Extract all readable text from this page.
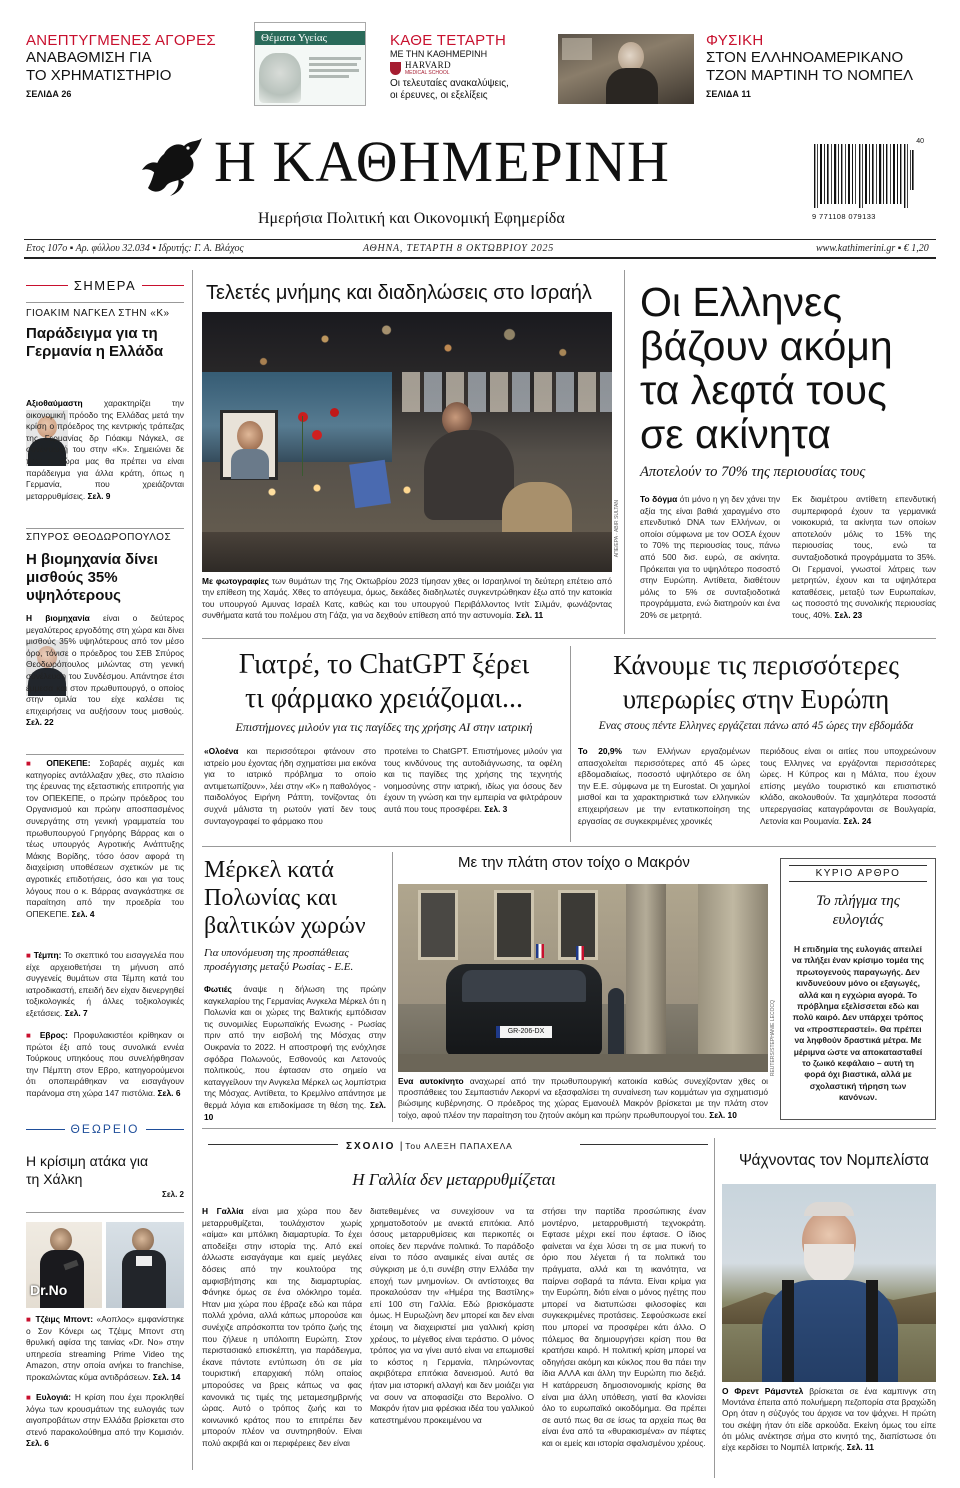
ΑΝΕΠΤΥΓΜΕΝΕΣ ΑΓΟΡΕΣ
ΑΝΑΒΑΘΜΙΣΗ ΓΙΑ
ΤΟ ΧΡΗΜΑΤΙΣΤΗΡΙΟ
ΣΕΛΙΔΑ 26
Θέματα Υγείας	ΚΑΘΕ ΤΕΤΑΡΤΗ
ΜΕ ΤΗΝ ΚΑΘΗΜΕΡΙΝΗ
HARVARD
MEDICAL SCHOOL
Οι τελευταίες ανακαλύψεις,
οι έρευνες, οι εξελίξεις
ΦΥΣΙΚΗ
ΣΤΟΝ ΕΛΛΗΝΟΑΜΕΡΙΚΑΝΟ
ΤΖΟΝ ΜΑΡΤΙΝΗ ΤΟ ΝΟΜΠΕΛ
ΣΕΛΙΔΑ 11
Η ΚΑΘΗΜΕΡΙΝΗ
Ημερήσια Πολιτική και Οικονομική Εφημερίδα
40
9 771108 079133
Ετος 107ο ▪ Αρ. φύλλου 32.034 ▪ Ιδρυτής: Γ. Α. Βλάχος	ΑΘΗΝΑ, ΤΕΤΑΡΤΗ 8 ΟΚΤΩΒΡΙΟΥ 2025	www.kathimerini.gr ▪ € 1,20
ΣΗΜΕΡΑ
ΓΙΟΑΚΙΜ ΝΑΓΚΕΛ ΣΤΗΝ «Κ»
Παράδειγμα για τη Γερμανία η Ελλάδα
Αξιοθαύμαστη χαρακτηρίζει την οικονομική πρόοδο της Ελλάδας μετά την κρίση ο πρόεδρος της κεντρικής τράπεζας της Γερμανίας δρ Γιόακιμ Νάγκελ, σε συνέντευξή του στην «Κ». Σημειώνει δε πως η χώρα μας θα πρέπει να είναι παράδειγμα για άλλα κράτη, όπως η Γερμανία, που χρειάζονται μεταρρυθμίσεις. Σελ. 9
ΣΠΥΡΟΣ ΘΕΟΔΩΡΟΠΟΥΛΟΣ
Η βιομηχανία δίνει μισθούς 35% υψηλότερους
Η βιομηχανία είναι ο δεύτερος μεγαλύτερος εργοδότης στη χώρα και δίνει μισθούς 35% υψηλότερους από τον μέσο όρο, τόνισε ο πρόεδρος του ΣΕΒ Σπύρος Θεοδωρόπουλος μιλώντας στη γενική συνέλευση του Συνδέσμου. Απάντησε έτσι έμμεσα και στον πρωθυπουργό, ο οποίος στην ομιλία του είχε καλέσει τις επιχειρήσεις να αυξήσουν τους μισθούς. Σελ. 22
■ ΟΠΕΚΕΠΕ: Σοβαρές αιχμές και κατηγορίες αντάλλαξαν χθες, στο πλαίσιο της έρευνας της εξεταστικής επιτροπής για τον ΟΠΕΚΕΠΕ, ο πρώην πρόεδρος του Οργανισμού και πρώην αποσπασμένος συνεργάτης στη γενική γραμματεία του πρωθυπουργού Γρηγόρης Βάρρας και ο τέως υπουργός Αγροτικής Ανάπτυξης Μάκης Βορίδης, τόσο όσον αφορά τη διαχείριση υποθέσεων σχετικών με τις αγροτικές επιδοτήσεις, όσο και για τους λόγους που ο κ. Βάρρας αναγκάστηκε σε παραίτηση από την προεδρία του ΟΠΕΚΕΠΕ. Σελ. 4
■ Τέμπη: Το σκεπτικό του εισαγγελέα που είχε αρχειοθετήσει τη μήνυση από συγγενείς θυμάτων στα Τέμπη κατά του ιατροδικαστή, επειδή δεν είχαν διενεργηθεί τοξικολογικές ή άλλες τοξικολογικές εξετάσεις. Σελ. 7
■ Εβρος: Προφυλακιστέοι κρίθηκαν οι πρώτοι έξι από τους συνολικά εννέα Τούρκους υπηκόους που συνελήφθησαν την Πέμπτη στον Εβρο, κατηγορούμενοι ότι οποπειράθηκαν να εισαγάγουν παράνομα στη χώρα 147 πιστόλια. Σελ. 6
ΘΕΩΡΕΙΟ
Η κρίσιμη ατάκα για τη Χάλκη
Σελ. 2
Dr.No
■ Τζέιμς Μποντ: «Αοπλος» εμφανίστηκε ο Σον Κόνερι ως Τζέιμς Μποντ στη θρυλική αφίσα της ταινίας «Dr. No» στην υπηρεσία streaming Prime Video της Amazon, στην οποία ανήκει το franchise, προκαλώντας κύμα αντιδράσεων. Σελ. 14
■ Ευλογιά: Η κρίση που έχει προκληθεί λόγω των κρουσμάτων της ευλογιάς των αιγοπροβάτων στην Ελλάδα βρίσκεται στο στενό παρακολούθημα από την Κομισιόν. Σελ. 6
Τελετές μνήμης και διαδηλώσεις στο Ισραήλ
ΑΠΕ/ΕΡΑ · ΑBIR SULTAN
Με φωτογραφίες των θυμάτων της 7ης Οκτωβρίου 2023 τίμησαν χθες οι Ισραηλινοί τη δεύτερη επέτειο από την επίθεση της Χαμάς. Χθες το απόγευμα, όμως, δεκάδες διαδηλωτές συγκεντρώθηκαν έξω από την κατοικία του υπουργού Αμυνας Ισραέλ Κατς, καθώς και του υπουργού Περιβάλλοντος Ιντίτ Σιλμάν, φωνάζοντας συνθήματα κατά του πολέμου στη Γάζα, για να δεχθούν επίθεση από την αστυνομία. Σελ. 11
Οι Ελληνες βάζουν ακόμη τα λεφτά τους σε ακίνητα
Αποτελούν το 70% της περιουσίας τους
Το δόγμα ότι μόνο η γη δεν χάνει την αξία της είναι βαθιά χαραγμένο στο επενδυτικό DNA των Ελλήνων, οι οποίοι σύμφωνα με τον ΟΟΣΑ έχουν το 70% της περιουσίας τους, πάνω από 500 δισ. ευρώ, σε ακίνητα. Πρόκειται για το υψηλότερο ποσοστό στην Ευρώπη. Αντίθετα, διαθέτουν μόλις το 5% σε συνταξιοδοτικά προγράμματα, ενώ διατηρούν και ένα 20% σε μετρητά.
Εκ διαμέτρου αντίθετη επενδυτική συμπεριφορά έχουν τα γερμανικά νοικοκυριά, τα ακίνητα των οποίων αποτελούν μόλις το 15% της περιουσίας τους, ενώ τα συνταξιοδοτικά προγράμματα το 35%. Οι Γερμανοί, γνωστοί λάτρεις των μετρητών, έχουν και τα υψηλότερα καταθέσεις, μεταξύ των Ευρωπαίων, ως ποσοστό της συνολικής περιουσίας τους, 40%. Σελ. 23
Γιατρέ, το ChatGPT ξέρει
τι φάρμακο χρειάζομαι...
Επιστήμονες μιλούν για τις παγίδες της χρήσης AI στην ιατρική
«Ολοένα και περισσότεροι φτάνουν στο ιατρείο μου έχοντας ήδη σχηματίσει μια εικόνα για το ιατρικό πρόβλημα το οποίο αντιμετωπίζουν», λέει στην «Κ» η παθολόγος - παιδολόγος Ειρήνη Ράπτη, τονίζοντας ότι συχνά μάλιστα τη ρωτούν γιατί δεν τους συνταγογραφεί το φάρμακο που
προτείνει το ChatGPT. Επιστήμονες μιλούν για τους κινδύνους της αυτοδιάγνωσης, τα οφέλη και τις παγίδες της χρήσης της τεχνητής νοημοσύνης στην ιατρική, ιδίως για όσους δεν έχουν τη γνώση και την εμπειρία να φιλτράρουν αυτά που τους προσφέρει. Σελ. 3
Κάνουμε τις περισσότερες
υπερωρίες στην Ευρώπη
Ενας στους πέντε Ελληνες εργάζεται πάνω από 45 ώρες την εβδομάδα
Το 20,9% των Ελλήνων εργαζομένων απασχολείται περισσότερες από 45 ώρες εβδομαδιαίως, ποσοστό υψηλότερο σε όλη την Ε.Ε. σύμφωνα με τη Eurostat. Οι χαμηλοί μισθοί και τα χαρακτηριστικά των ελληνικών επιχειρήσεων με την εντατικοποίηση της εργασίας σε συγκεκριμένες χρονικές
περιόδους είναι οι αιτίες που υποχρεώνουν τους Ελληνες να εργάζονται περισσότερες ώρες. Η Κύπρος και η Μάλτα, που έχουν επίσης μεγάλο τουριστικό και επισιτιστικό κλάδο, ακολουθούν. Τα χαμηλότερα ποσοστά υπερεργασίας καταγράφονται σε Βουλγαρία, Λετονία και Ρουμανία. Σελ. 24
Μέρκελ κατά Πολωνίας και βαλτικών χωρών
Για υπονόμευση της προσπάθειας προσέγγισης μεταξύ Ρωσίας - Ε.Ε.
Φωτιές άναψε η δήλωση της πρώην καγκελαρίου της Γερμανίας Ανγκελα Μέρκελ ότι η Πολωνία και οι χώρες της Βαλτικής εμπόδισαν τις συνομιλίες Ευρωπαϊκής Ενωσης - Ρωσίας πριν από την εισβολή της Μόσχας στην Ουκρανία το 2022. Η αποστροφή της ενόχλησε σφόδρα Πολωνούς, Εσθονούς και Λετονούς πολιτικούς, που έφτασαν στο σημείο να καταγγείλουν την Ανγκελα Μέρκελ ως λομπίστρια της Μόσχας. Αντίθετα, το Κρεμλίνο απάντησε με θερμά λόγια και επιδοκίμασε τη θέση της. Σελ. 10
Με την πλάτη στον τοίχο ο Μακρόν
GR-206-DX	REUTERS/STEPHANIE LECOCQ
Ενα αυτοκίνητο αναχωρεί από την πρωθυπουργική κατοικία καθώς συνεχίζονταν χθες οι προσπάθειες του Σεμπαστιάν Λεκορνί να εξασφαλίσει τη συναίνεση των κομμάτων για σχηματισμό βιώσιμης κυβέρνησης. Ο πρόεδρος της χώρας Εμανουέλ Μακρόν βρίσκεται με την πλάτη στον τοίχο, αφού πλέον την παραίτηση του ζητούν ακόμη και πρώην πρωθυπουργοί του. Σελ. 10
ΚΥΡΙΟ ΑΡΘΡΟ
Το πλήγμα της ευλογιάς
Η επιδημία της ευλογιάς απειλεί να πλήξει έναν κρίσιμο τομέα της πρωτογενούς παραγωγής. Δεν κινδυνεύουν μόνο οι εξαγωγές, αλλά και η εγχώρια αγορά. Το πρόβλημα εξελίσσεται εδώ και πολύ καιρό. Δεν υπάρχει τρόπος να «προσπεραστεί». Θα πρέπει να ληφθούν δραστικά μέτρα. Με μέριμνα ώστε να αποκατασταθεί το ζωικό κεφάλαιο – αυτή τη φορά όχι βιαστικά, αλλά με σχολαστική τήρηση των κανόνων.
ΣΧΟΛΙΟ | Του ΑΛΕΞΗ ΠΑΠΑΧΕΛΑ
Η Γαλλία δεν μεταρρυθμίζεται
Η Γαλλία είναι μια χώρα που δεν μεταρρυθμίζεται, τουλάχιστον χωρίς «αίμα» και μπόλικη διαμαρτυρία. Το έχει αποδείξει στην ιστορία της. Από εκεί άλλωστε εισαγάγαμε και εμείς μεγάλες δόσεις από την κουλτούρα της αμφισβήτησης και της διαμαρτυρίας. Φάνηκε όμως σε ένα ολόκληρο τομέα. Ηταν μια χώρα που έβραζε εδώ και πάρα πολλά χρόνια, αλλά κάπως μπορούσε και συνέχιζε απρόσκοπτα τον τρόπο ζωής της που ζήλευε η υπόλοιπη Ευρώπη. Στον περιστασιακό επισκέπτη, για παράδειγμα, έκανε πάντοτε εντύπωση ότι σε μία τουριστική επαρχιακή πόλη οπαίος μπορούσες να βρεις κάπως να φας κανονικά τις τιμές της μεταμεσημβρινής ώρας. Αυτό ο τρόπος ζωής και το κοινωνικό κράτος που το επιτρέπει δεν μπορούν πλέον να συντηρηθούν. Είναι πολύ ακριβά και οι περιφέρειες δεν είναι
διατεθειμένες να συνεχίσουν να τα χρηματοδοτούν με ανεκτά επιτόκια. Από όσους μεταρρυθμίσεις και περικοπές οι οποίες δεν περνάνε πολιτικά. Το παράδοξο είναι το πόσο αναιμικές είναι αυτές σε σύγκριση με ό,τι συνέβη στην Ελλάδα την εποχή των μνημονίων. Οι αντίστοιχες θα προκαλούσαν την «Ημέρα της Βαστίλης» επί 100 στη Γαλλία. Εδώ βρισκόμαστε όμως. Η Ευρωζώνη δεν μπορεί και δεν είναι έτοιμη να διαχειριστεί μια γαλλική κρίση χρέους, το μέγεθος είναι τεράστιο. Ο μόνος τρόπος για να γίνει αυτό είναι να επωμισθεί το κόστος η Γερμανία, πληρώνοντας ακριβότερα επιτόκια δανεισμού. Αυτό θα ήταν μια ιστορική αλλαγή και δεν μοιάζει για να σουν να αποφασίζει στο Βερολίνο. Ο Μακρόν ήταν μια φρέσκια ιδέα του γαλλικού κατεστημένου προκειμένου να
στήσει την παρτίδα προσώπικης έναν μοντέρνο, μεταρρυθμιστή τεχνοκράτη. Εφτασε μέχρι εκεί που έφτασε. Ο ίδιος φαίνεται να έχει λύσει τη σε μια πυκνή το όριο που λέγεται ή τα πολιτικά του πράγματα, αλλά και τη ικανότητα, να παίρνει σοβαρά τα πάντα. Είναι κρίμα για την Ευρώπη, διότι είναι ο μόνος ηγέτης που μπορεί να διατυπώσει φιλοσοφίες και συγκεκριμένες προτάσεις. Σεφούσκωσε εκεί που μπορεί να προσφέρει κάτι άλλο. Ο πόλεμος θα δημιουργήσει κρίση που θα κρατήσει καιρό. Η πολιτική κρίση μπορεί να οδηγήσει ακόμη και κύκλος που θα πάει την ίδια ΑΛΛΑ και άλλη την Ευρώπη πιο δεξιά. Η κατάρρευση δημοσιονομικής κρίσης θα είναι μια άλλη υπόθεση, γιατί θα κλονίσει όλο το ευρωπαϊκό οικοδόμημα. Θα πρέπει σε αυτό πως θα σε ίσως τα αρχεία πως θα είναι ένα από τα «θυρακισμένα» αν πέφτες και οι εμείς και ιστορία σφαλισμένου χρέους.
Ψάχνοντας τον Νομπελίστα
Ο Φρεντ Ράμσντελ βρίσκεται σε ένα καμπινγκ στη Μοντάνα έπειτα από πολυήμερη πεζοπορία στα βραχώδη Ορη όταν η σύζυγός του άρχισε να τον ψάχνει. Η πρώτη του σκέψη ήταν ότι είδε αρκούδα. Εκείνη όμως του είπε ότι μόλις ανέκτησε σήμα στο κινητό της, διαπίστωσε ότι είχε κερδίσει το Νομπέλ Ιατρικής. Σελ. 11
